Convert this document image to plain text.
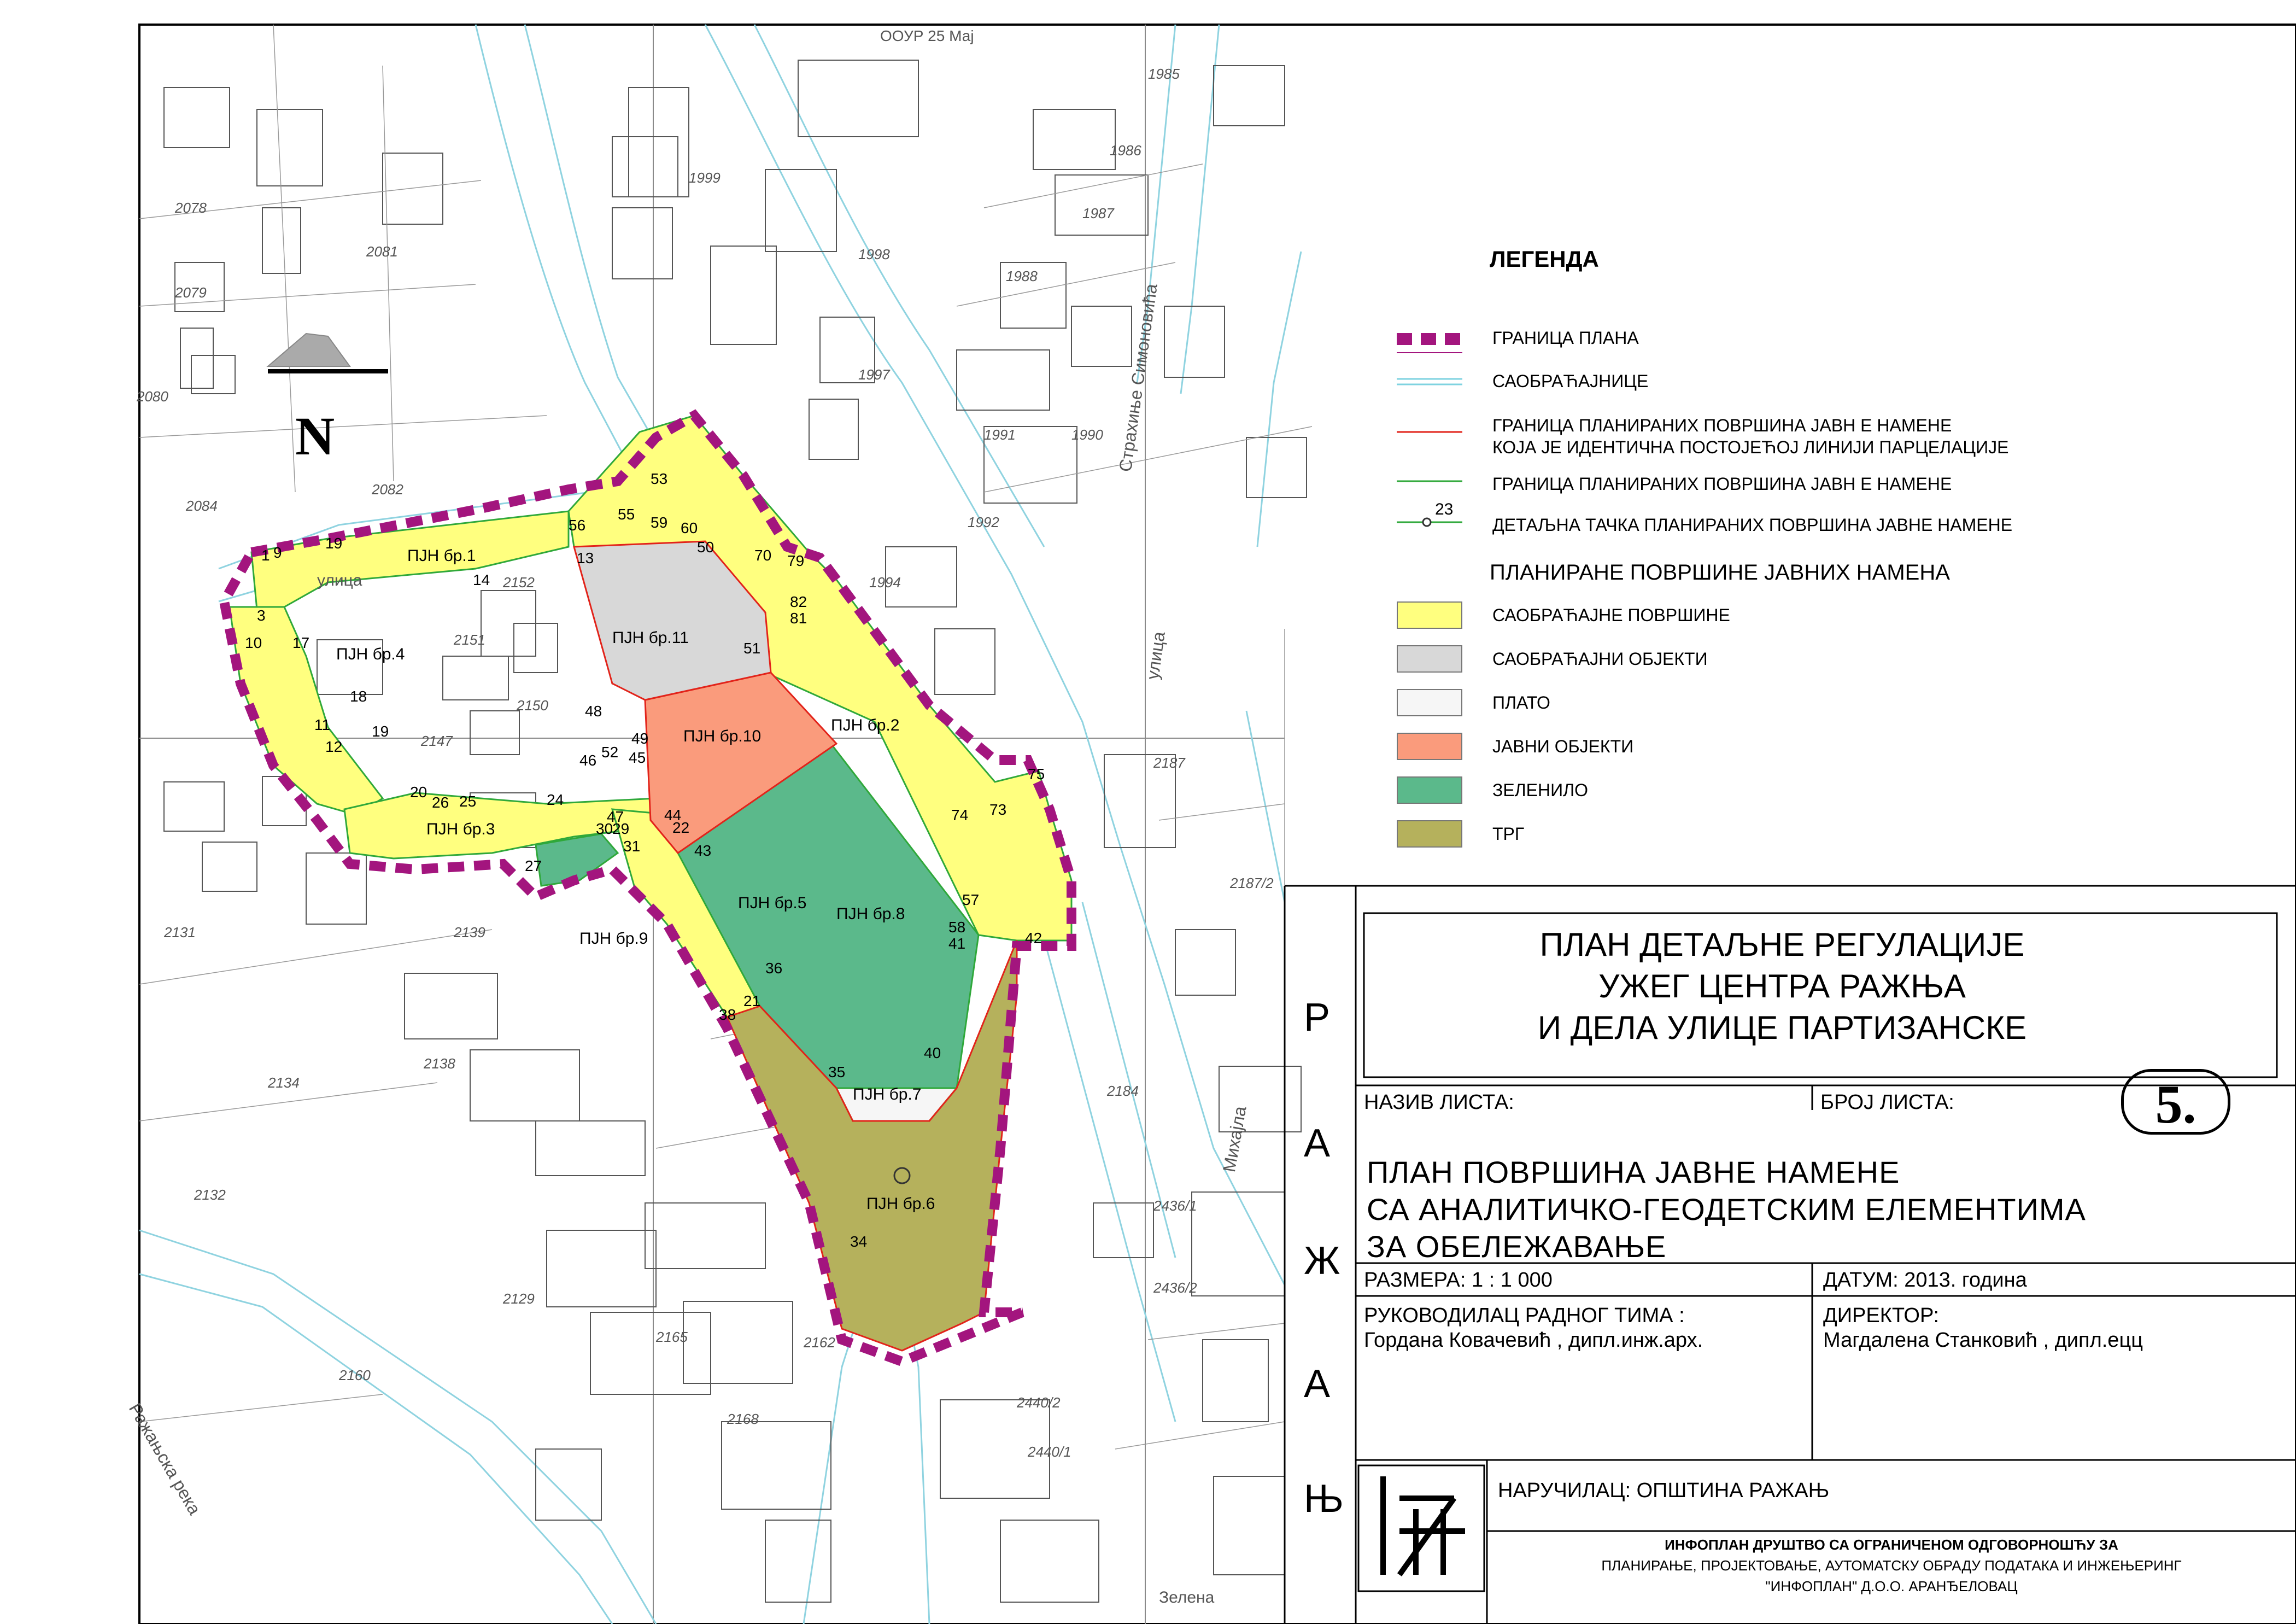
N
ООУР 25 Мај
Страхиње Симоновића
улица
Михајла
Зелена
Ражањска река
улица
ПЈН бр.1
ПЈН бр.2
ПЈН бр.3
ПЈН бр.4
ПЈН бр.5
ПЈН бр.6
ПЈН бр.7
ПЈН бр.8
ПЈН бр.9
ПЈН бр.10
ПЈН бр.11
1
19
10
3
9
11
12
13
14
17
18
19
20
21
22
24
25
26
27
29
30
31
34
35
36
38
40
41	42
43
44
45
46
47
48
49
50
51
52
53
55
56
57
58
59 60
70
73
74
75
79
81
82
2078
2079
2080
2081
2082
2084
2152
2151
2150
2147
2139
2138
2134
2132
2131
2129
2160
2162
2165
2168
1985
1986
1987
1988
1990
1991
1992
1994
1997
1998
1999
2436/1
2436/2
2440/1
2440/2
2187
2187/2
2184
ЛЕГЕНДА
ГРАНИЦА ПЛАНА
САОБРАЋАЈНИЦЕ
ГРАНИЦА ПЛАНИРАНИХ ПОВРШИНА ЈАВН Е НАМЕНЕ
КОЈА ЈЕ ИДЕНТИЧНА ПОСТОЈЕЋОЈ ЛИНИЈИ ПАРЦЕЛАЦИЈЕ
ГРАНИЦА ПЛАНИРАНИХ ПОВРШИНА ЈАВН Е НАМЕНЕ
ДЕТАЉНА ТАЧКА ПЛАНИРАНИХ ПОВРШИНА ЈАВНЕ НАМЕНЕ
23
ПЛАНИРАНЕ ПОВРШИНЕ ЈАВНИХ НАМЕНА
САОБРАЋАЈНЕ ПОВРШИНЕ
САОБРАЋАЈНИ ОБЈЕКТИ
ПЛАТО
ЈАВНИ ОБЈЕКТИ
ЗЕЛЕНИЛО
ТРГ
ПЛАН ДЕТАЉНЕ РЕГУЛАЦИЈЕ
УЖЕГ ЦЕНТРА РАЖЊА
И ДЕЛА УЛИЦЕ ПАРТИЗАНСКЕ
Р
А
Ж
А
Њ
НАЗИВ ЛИСТА:	БРОЈ ЛИСТА:	5.
ПЛАН ПОВРШИНА ЈАВНЕ НАМЕНЕ
СА АНАЛИТИЧКО-ГЕОДЕТСКИМ ЕЛЕМЕНТИМА
ЗА ОБЕЛЕЖАВАЊЕ
РАЗМЕРА: 1 : 1 000	ДАТУМ: 2013. година
РУКОВОДИЛАЦ РАДНОГ ТИМА :
Гордана Ковачевић , дипл.инж.арх.
ДИРЕКТОР:
Магдалена Станковић , дипл.ецц
НАРУЧИЛАЦ: ОПШТИНА РАЖАЊ
ИНФОПЛАН ДРУШТВО СА ОГРАНИЧЕНОМ ОДГОВОРНОШЋУ ЗА
ПЛАНИРАЊЕ, ПРОЈЕКТОВАЊЕ, АУТОМАТСКУ ОБРАДУ ПОДАТАКА И ИНЖЕЊЕРИНГ
"ИНФОПЛАН" Д.О.О. АРАНЂЕЛОВАЦ
